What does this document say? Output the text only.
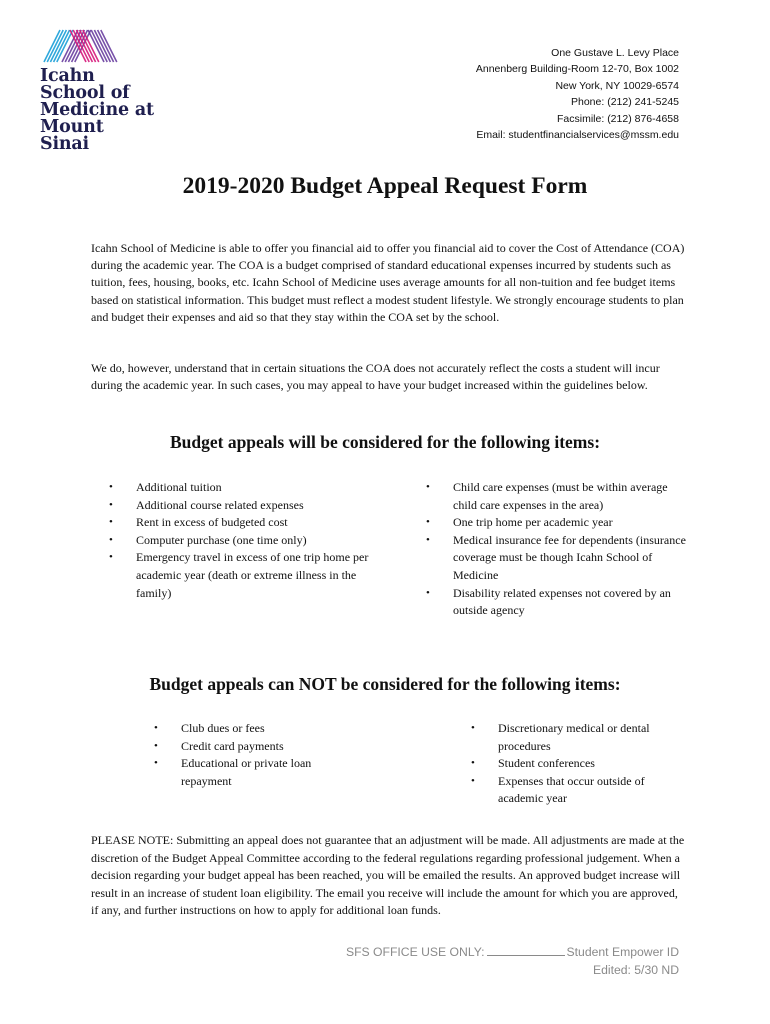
Icahn
School of
Medicine at
Mount
Sinai
One Gustave L. Levy Place
Annenberg Building-Room 12-70, Box 1002
New York, NY 10029-6574
Phone: (212) 241-5245
Facsimile: (212) 876-4658
Email: studentfinancialservices@mssm.edu
2019-2020 Budget Appeal Request Form

Icahn School of Medicine is able to offer you financial aid to offer you financial aid to cover the Cost of Attendance (COA) during the academic year. The COA is a budget comprised of standard educational expenses incurred by students such as tuition, fees, housing, books, etc. Icahn School of Medicine uses average amounts for all non-tuition and fee budget items based on statistical information. This budget must reflect a modest student lifestyle. We strongly encourage students to plan and budget their expenses and aid so that they stay within the COA set by the school.

We do, however, understand that in certain situations the COA does not accurately reflect the costs a student will incur during the academic year. In such cases, you may appeal to have your budget increased within the guidelines below.

Budget appeals will be considered for the following items:
• Additional tuition
• Additional course related expenses
• Rent in excess of budgeted cost
• Computer purchase (one time only)
• Emergency travel in excess of one trip home per academic year (death or extreme illness in the family)
• Child care expenses (must be within average child care expenses in the area)
• One trip home per academic year
• Medical insurance fee for dependents (insurance coverage must be though Icahn School of Medicine
• Disability related expenses not covered by an outside agency
Budget appeals can NOT be considered for the following items:
• Club dues or fees
• Credit card payments
• Educational or private loan repayment
• Discretionary medical or dental procedures
• Student conferences
• Expenses that occur outside of academic year

PLEASE NOTE: Submitting an appeal does not guarantee that an adjustment will be made. All adjustments are made at the discretion of the Budget Appeal Committee according to the federal regulations regarding professional judgement. When a decision regarding your budget appeal has been reached, you will be emailed the results. An approved budget increase will result in an increase of student loan eligibility. The email you receive will include the amount for which you are approved, if any, and further instructions on how to apply for additional loan funds.

SFS OFFICE USE ONLY:	Student Empower ID
Edited: 5/30 ND
